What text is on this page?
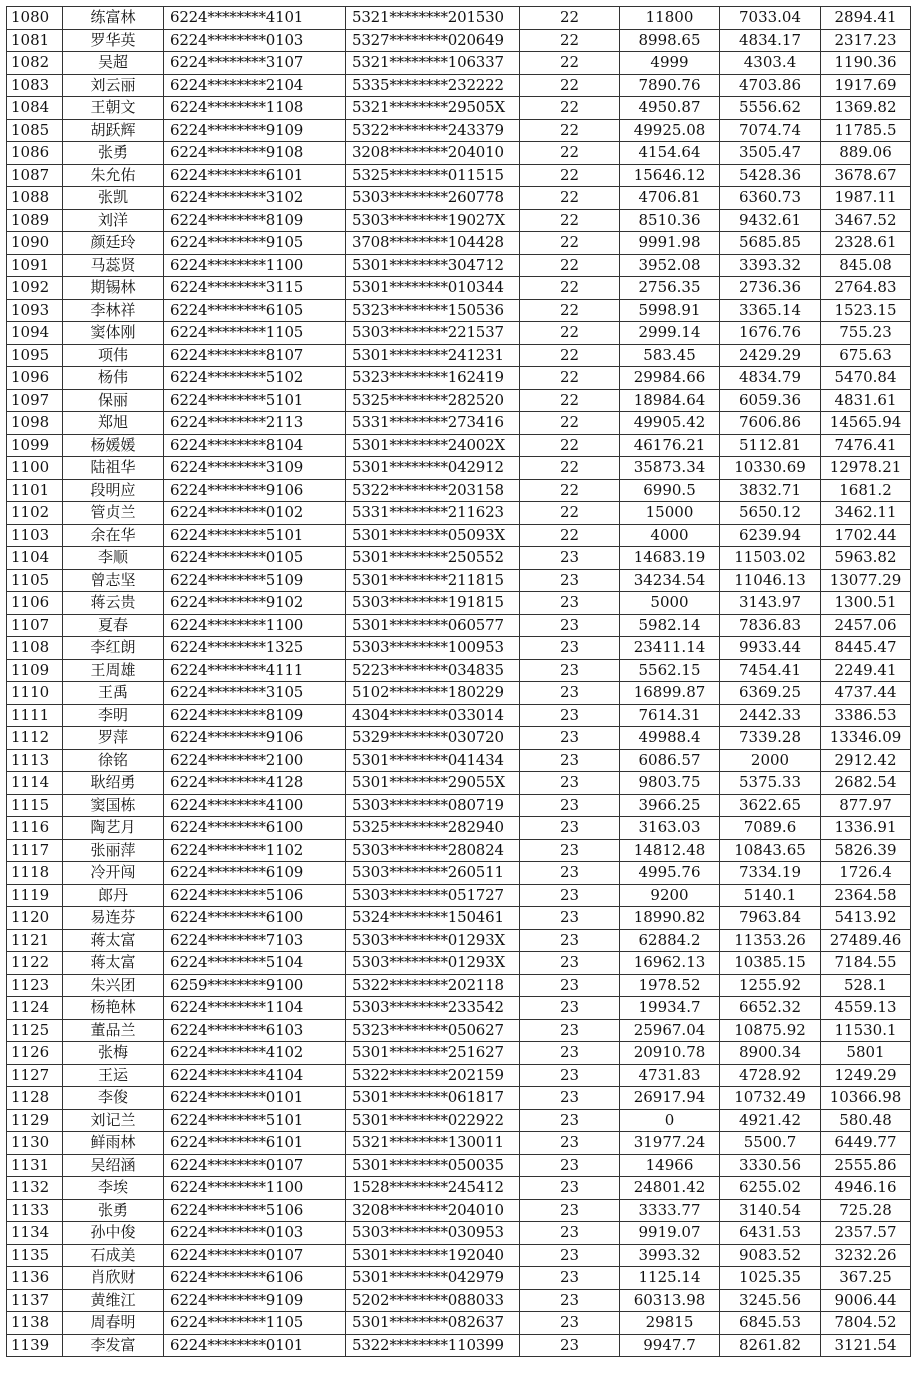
1080	练富林	6224********4101	5321********201530	22	11800	7033.04	2894.41
1081	罗华英	6224********0103	5327********020649	22	8998.65	4834.17	2317.23
1082	吴超	6224********3107	5321********106337	22	4999	4303.4	1190.36
1083	刘云丽	6224********2104	5335********232222	22	7890.76	4703.86	1917.69
1084	王朝文	6224********1108	5321********29505X	22	4950.87	5556.62	1369.82
1085	胡跃辉	6224********9109	5322********243379	22	49925.08	7074.74	11785.5
1086	张勇	6224********9108	3208********204010	22	4154.64	3505.47	889.06
1087	朱允佑	6224********6101	5325********011515	22	15646.12	5428.36	3678.67
1088	张凯	6224********3102	5303********260778	22	4706.81	6360.73	1987.11
1089	刘洋	6224********8109	5303********19027X	22	8510.36	9432.61	3467.52
1090	颜廷玲	6224********9105	3708********104428	22	9991.98	5685.85	2328.61
1091	马蕊贤	6224********1100	5301********304712	22	3952.08	3393.32	845.08
1092	期锡林	6224********3115	5301********010344	22	2756.35	2736.36	2764.83
1093	李林祥	6224********6105	5323********150536	22	5998.91	3365.14	1523.15
1094	窦体刚	6224********1105	5303********221537	22	2999.14	1676.76	755.23
1095	项伟	6224********8107	5301********241231	22	583.45	2429.29	675.63
1096	杨伟	6224********5102	5323********162419	22	29984.66	4834.79	5470.84
1097	保丽	6224********5101	5325********282520	22	18984.64	6059.36	4831.61
1098	郑旭	6224********2113	5331********273416	22	49905.42	7606.86	14565.94
1099	杨媛媛	6224********8104	5301********24002X	22	46176.21	5112.81	7476.41
1100	陆祖华	6224********3109	5301********042912	22	35873.34	10330.69	12978.21
1101	段明应	6224********9106	5322********203158	22	6990.5	3832.71	1681.2
1102	管贞兰	6224********0102	5331********211623	22	15000	5650.12	3462.11
1103	余在华	6224********5101	5301********05093X	22	4000	6239.94	1702.44
1104	李顺	6224********0105	5301********250552	23	14683.19	11503.02	5963.82
1105	曾志坚	6224********5109	5301********211815	23	34234.54	11046.13	13077.29
1106	蒋云贵	6224********9102	5303********191815	23	5000	3143.97	1300.51
1107	夏春	6224********1100	5301********060577	23	5982.14	7836.83	2457.06
1108	李红朗	6224********1325	5303********100953	23	23411.14	9933.44	8445.47
1109	王周雄	6224********4111	5223********034835	23	5562.15	7454.41	2249.41
1110	王禹	6224********3105	5102********180229	23	16899.87	6369.25	4737.44
1111	李明	6224********8109	4304********033014	23	7614.31	2442.33	3386.53
1112	罗萍	6224********9106	5329********030720	23	49988.4	7339.28	13346.09
1113	徐铭	6224********2100	5301********041434	23	6086.57	2000	2912.42
1114	耿绍勇	6224********4128	5301********29055X	23	9803.75	5375.33	2682.54
1115	窦国栋	6224********4100	5303********080719	23	3966.25	3622.65	877.97
1116	陶艺月	6224********6100	5325********282940	23	3163.03	7089.6	1336.91
1117	张丽萍	6224********1102	5303********280824	23	14812.48	10843.65	5826.39
1118	冷开闯	6224********6109	5303********260511	23	4995.76	7334.19	1726.4
1119	郎丹	6224********5106	5303********051727	23	9200	5140.1	2364.58
1120	易连芬	6224********6100	5324********150461	23	18990.82	7963.84	5413.92
1121	蒋太富	6224********7103	5303********01293X	23	62884.2	11353.26	27489.46
1122	蒋太富	6224********5104	5303********01293X	23	16962.13	10385.15	7184.55
1123	朱兴团	6259********9100	5322********202118	23	1978.52	1255.92	528.1
1124	杨艳林	6224********1104	5303********233542	23	19934.7	6652.32	4559.13
1125	董品兰	6224********6103	5323********050627	23	25967.04	10875.92	11530.1
1126	张梅	6224********4102	5301********251627	23	20910.78	8900.34	5801
1127	王运	6224********4104	5322********202159	23	4731.83	4728.92	1249.29
1128	李俊	6224********0101	5301********061817	23	26917.94	10732.49	10366.98
1129	刘记兰	6224********5101	5301********022922	23	0	4921.42	580.48
1130	鲜雨林	6224********6101	5321********130011	23	31977.24	5500.7	6449.77
1131	吴绍涵	6224********0107	5301********050035	23	14966	3330.56	2555.86
1132	李埃	6224********1100	1528********245412	23	24801.42	6255.02	4946.16
1133	张勇	6224********5106	3208********204010	23	3333.77	3140.54	725.28
1134	孙中俊	6224********0103	5303********030953	23	9919.07	6431.53	2357.57
1135	石成美	6224********0107	5301********192040	23	3993.32	9083.52	3232.26
1136	肖欣财	6224********6106	5301********042979	23	1125.14	1025.35	367.25
1137	黄维江	6224********9109	5202********088033	23	60313.98	3245.56	9006.44
1138	周春明	6224********1105	5301********082637	23	29815	6845.53	7804.52
1139	李发富	6224********0101	5322********110399	23	9947.7	8261.82	3121.54
